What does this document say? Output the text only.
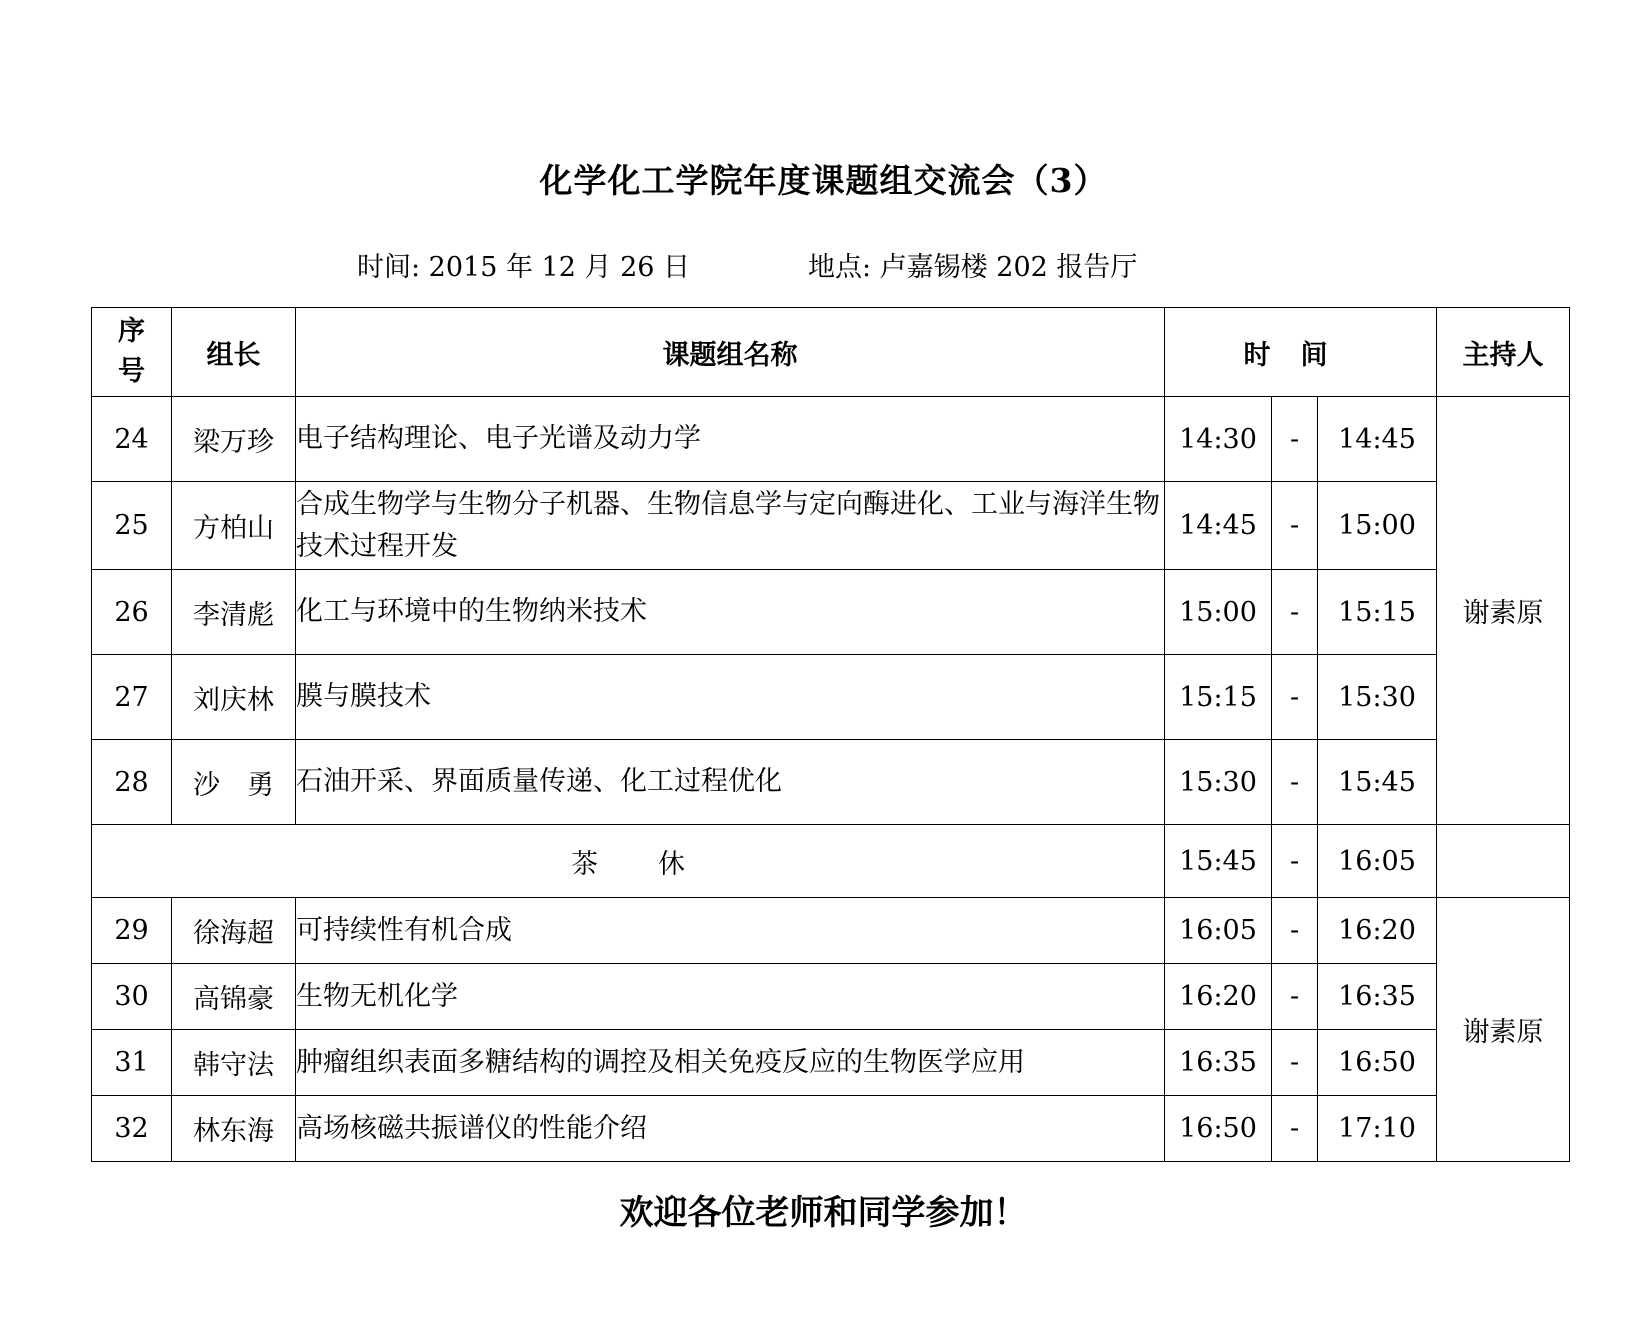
化学化工学院年度课题组交流会（3）
时间: 2015 年 12 月 26 日	地点: 卢嘉锡楼 202 报告厅
序
号	组长	课题组名称	时间			主持人
24	梁万珍	电子结构理论、电子光谱及动力学	14:30	-	14:45	谢素原
25	方柏山	合成生物学与生物分子机器、生物信息学与定向酶进化、工业与海洋生物技术过程开发	14:45	-	15:00	
26	李清彪	化工与环境中的生物纳米技术	15:00	-	15:15	
27	刘庆林	膜与膜技术	15:15	-	15:30	
28	沙　勇	石油开采、界面质量传递、化工过程优化	15:30	-	15:45	
茶 休			15:45	-	16:05	
29	徐海超	可持续性有机合成	16:05	-	16:20	谢素原
30	高锦豪	生物无机化学	16:20	-	16:35	
31	韩守法	肿瘤组织表面多糖结构的调控及相关免疫反应的生物医学应用	16:35	-	16:50	
32	林东海	高场核磁共振谱仪的性能介绍	16:50	-	17:10	
欢迎各位老师和同学参加！
